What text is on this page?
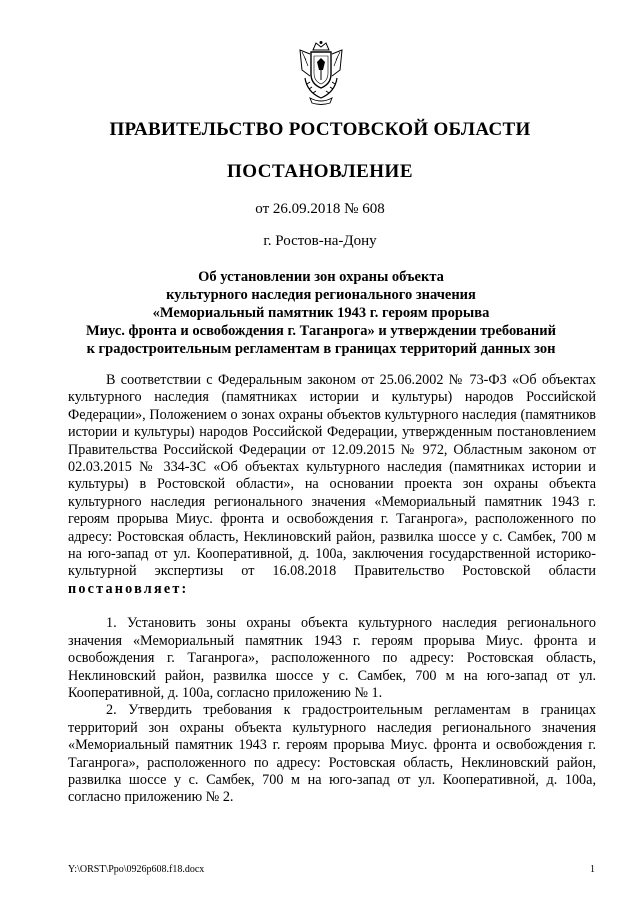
ПРАВИТЕЛЬСТВО РОСТОВСКОЙ ОБЛАСТИ
ПОСТАНОВЛЕНИЕ
от 26.09.2018 № 608
г. Ростов-на-Дону
Об установлении зон охраны объекта
культурного наследия регионального значения
«Мемориальный памятник 1943 г. героям прорыва
Миус. фронта и освобождения г. Таганрога» и утверждении требований
к градостроительным регламентам в границах территорий данных зон

В соответствии с Федеральным законом от 25.06.2002 № 73-ФЗ «Об объектах культурного наследия (памятниках истории и культуры) народов Российской Федерации», Положением о зонах охраны объектов культурного наследия (памятников истории и культуры) народов Российской Федерации, утвержденным постановлением Правительства Российской Федерации от 12.09.2015 № 972, Областным законом от 02.03.2015 № 334-ЗС «Об объектах культурного наследия (памятниках истории и культуры) в Ростовской области», на основании проекта зон охраны объекта культурного наследия регионального значения «Мемориальный памятник 1943 г. героям прорыва Миус. фронта и освобождения г. Таганрога», расположенного по адресу: Ростовская область, Неклиновский район, развилка шоссе у с. Самбек, 700 м на юго-запад от ул. Кооперативной, д. 100а, заключения государственной историко-культурной экспертизы от 16.08.2018 Правительство Ростовской области постановляет:

1. Установить зоны охраны объекта культурного наследия регионального значения «Мемориальный памятник 1943 г. героям прорыва Миус. фронта и освобождения г. Таганрога», расположенного по адресу: Ростовская область, Неклиновский район, развилка шоссе у с. Самбек, 700 м на юго-запад от ул. Кооперативной, д. 100а, согласно приложению № 1.

2. Утвердить требования к градостроительным регламентам в границах территорий зон охраны объекта культурного наследия регионального значения «Мемориальный памятник 1943 г. героям прорыва Миус. фронта и освобождения г. Таганрога», расположенного по адресу: Ростовская область, Неклиновский район, развилка шоссе у с. Самбек, 700 м на юго-запад от ул. Кооперативной, д. 100а, согласно приложению № 2.

Y:\ORST\Ppo\0926p608.f18.docx	1
